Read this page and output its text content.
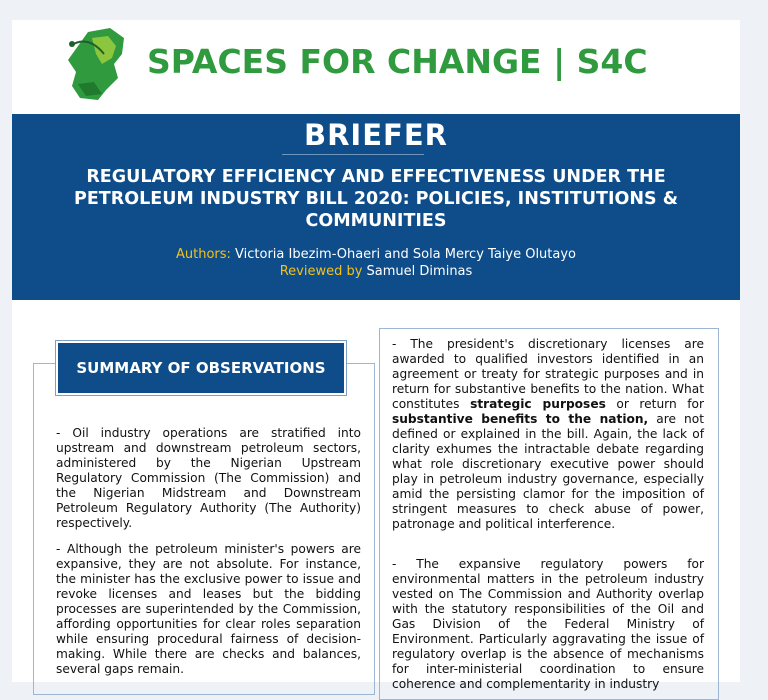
SPACES FOR CHANGE | S4C
BRIEFER
REGULATORY EFFICIENCY AND EFFECTIVENESS UNDER THE PETROLEUM INDUSTRY BILL 2020: POLICIES, INSTITUTIONS & COMMUNITIES
Authors: Victoria Ibezim-Ohaeri and Sola Mercy Taiye Olutayo
Reviewed by Samuel Diminas
SUMMARY OF OBSERVATIONS

- Oil industry operations are stratified into upstream and downstream petroleum sectors, administered by the Nigerian Upstream Regulatory Commission (The Commission) and the Nigerian Midstream and Downstream Petroleum Regulatory Authority (The Authority) respectively.

- Although the petroleum minister's powers are expansive, they are not absolute. For instance, the minister has the exclusive power to issue and revoke licenses and leases but the bidding processes are superintended by the Commission, affording opportunities for clear roles separation while ensuring procedural fairness of decision-making. While there are checks and balances, several gaps remain.

- The president's discretionary licenses are awarded to qualified investors identified in an agreement or treaty for strategic purposes and in return for substantive benefits to the nation. What constitutes strategic purposes or return for substantive benefits to the nation, are not defined or explained in the bill. Again, the lack of clarity exhumes the intractable debate regarding what role discretionary executive power should play in petroleum industry governance, especially amid the persisting clamor for the imposition of stringent measures to check abuse of power, patronage and political interference.

- The expansive regulatory powers for environmental matters in the petroleum industry vested on The Commission and Authority overlap with the statutory responsibilities of the Oil and Gas Division of the Federal Ministry of Environment. Particularly aggravating the issue of regulatory overlap is the absence of mechanisms for inter-ministerial coordination to ensure coherence and complementarity in industry
